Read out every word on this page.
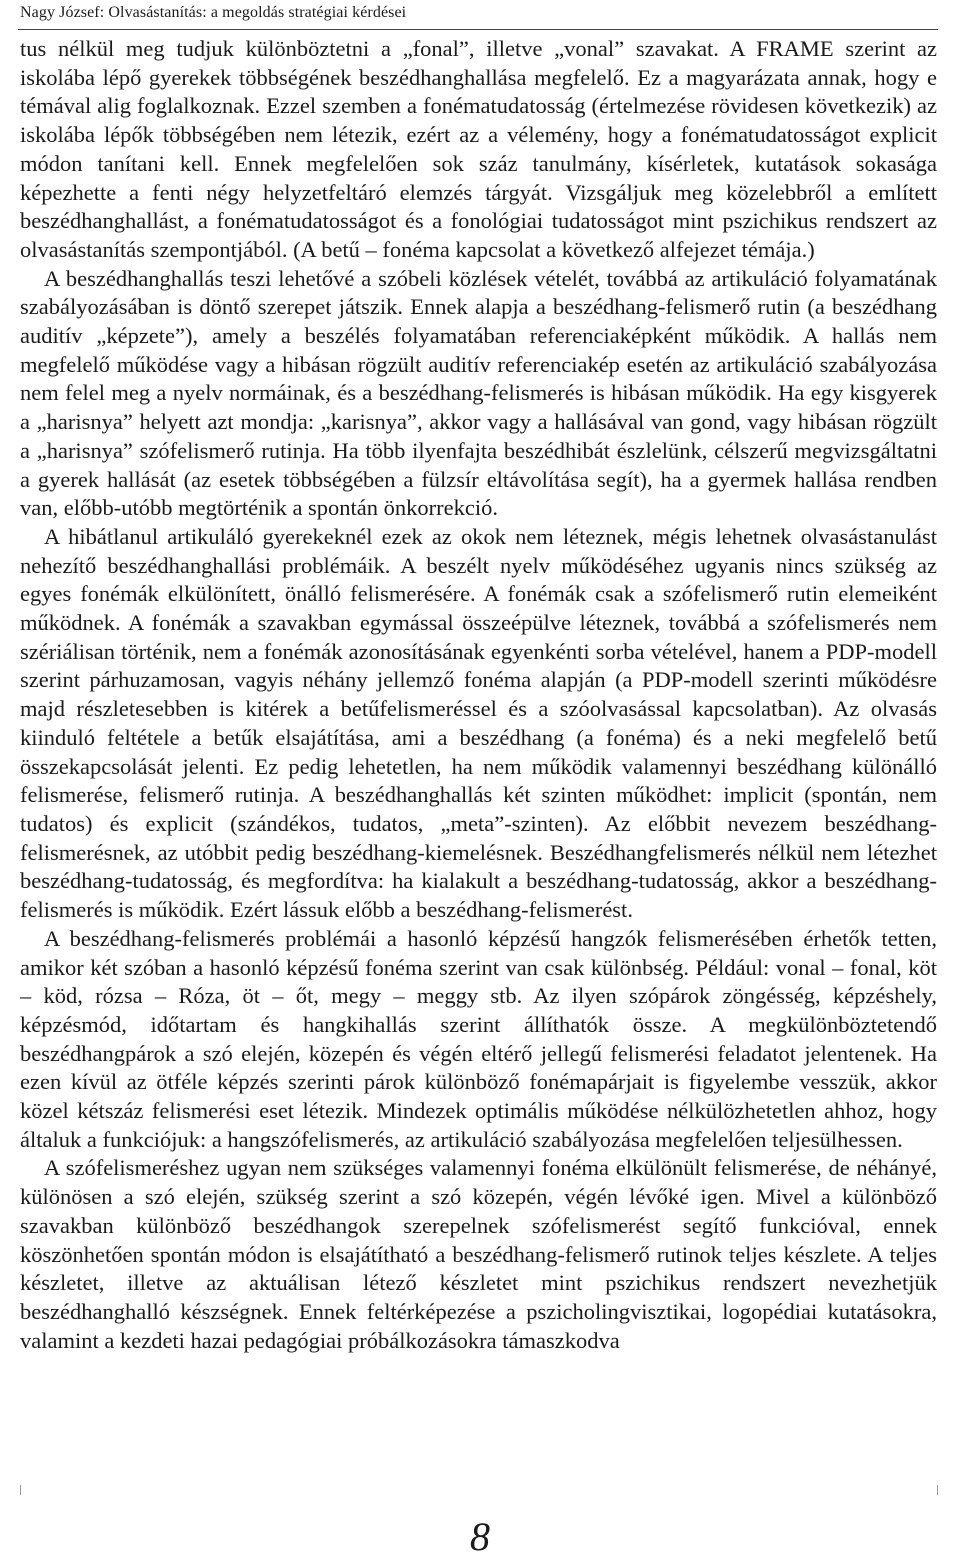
Nagy József: Olvasástanítás: a megoldás stratégiai kérdései

tus nélkül meg tudjuk különböztetni a „fonal”, illetve „vonal” szavakat. A FRAME szerint az iskolába lépő gyerekek többségének beszédhanghallása megfelelő. Ez a magyarázata annak, hogy e témával alig foglalkoznak. Ezzel szemben a fonématudatosság (értelmezése rövidesen következik) az iskolába lépők többségében nem létezik, ezért az a vélemény, hogy a fonématudatosságot explicit módon tanítani kell. Ennek megfelelően sok száz tanulmány, kísérletek, kutatások sokasága képezhette a fenti négy helyzetfeltáró elemzés tárgyát. Vizsgáljuk meg közelebbről a említett beszédhanghallást, a fonématudatosságot és a fonológiai tudatosságot mint pszichikus rendszert az olvasástanítás szempontjából. (A betű – fonéma kapcsolat a következő alfejezet témája.)

A beszédhanghallás teszi lehetővé a szóbeli közlések vételét, továbbá az artikuláció folyamatának szabályozásában is döntő szerepet játszik. Ennek alapja a beszédhang-felismerő rutin (a beszédhang auditív „képzete”), amely a beszélés folyamatában referenciaképként működik. A hallás nem megfelelő működése vagy a hibásan rögzült auditív referenciakép esetén az artikuláció szabályozása nem felel meg a nyelv normáinak, és a beszédhang-felismerés is hibásan működik. Ha egy kisgyerek a „harisnya” helyett azt mondja: „karisnya”, akkor vagy a hallásával van gond, vagy hibásan rögzült a „harisnya” szófelismerő rutinja. Ha több ilyenfajta beszédhibát észlelünk, célszerű megvizsgáltatni a gyerek hallását (az esetek többségében a fülzsír eltávolítása segít), ha a gyermek hallása rendben van, előbb-utóbb megtörténik a spontán önkorrekció.

A hibátlanul artikuláló gyerekeknél ezek az okok nem léteznek, mégis lehetnek olvasástanulást nehezítő beszédhanghallási problémáik. A beszélt nyelv működéséhez ugyanis nincs szükség az egyes fonémák elkülönített, önálló felismerésére. A fonémák csak a szófelismerő rutin elemeiként működnek. A fonémák a szavakban egymással összeépülve léteznek, továbbá a szófelismerés nem szériálisan történik, nem a fonémák azonosításának egyenkénti sorba vételével, hanem a PDP-modell szerint párhuzamosan, vagyis néhány jellemző fonéma alapján (a PDP-modell szerinti működésre majd részletesebben is kitérek a betűfelismeréssel és a szóolvasással kapcsolatban). Az olvasás kiinduló feltétele a betűk elsajátítása, ami a beszédhang (a fonéma) és a neki megfelelő betű összekapcsolását jelenti. Ez pedig lehetetlen, ha nem működik valamennyi beszédhang különálló felismerése, felismerő rutinja. A beszédhanghallás két szinten működhet: implicit (spontán, nem tudatos) és explicit (szándékos, tudatos, „meta”-szinten). Az előbbit nevezem beszédhang-felismerésnek, az utóbbit pedig beszédhang-kiemelésnek. Beszédhangfelismerés nélkül nem létezhet beszédhang-tudatosság, és megfordítva: ha kialakult a beszédhang-tudatosság, akkor a beszédhang-felismerés is működik. Ezért lássuk előbb a beszédhang-felismerést.

A beszédhang-felismerés problémái a hasonló képzésű hangzók felismerésében érhetők tetten, amikor két szóban a hasonló képzésű fonéma szerint van csak különbség. Például: vonal – fonal, köt – köd, rózsa – Róza, öt – őt, megy – meggy stb. Az ilyen szópárok zöngésség, képzéshely, képzésmód, időtartam és hangkihallás szerint állíthatók össze. A megkülönböztetendő beszédhangpárok a szó elején, közepén és végén eltérő jellegű felismerési feladatot jelentenek. Ha ezen kívül az ötféle képzés szerinti párok különböző fonémapárjait is figyelembe vesszük, akkor közel kétszáz felismerési eset létezik. Mindezek optimális működése nélkülözhetetlen ahhoz, hogy általuk a funkciójuk: a hangszófelismerés, az artikuláció szabályozása megfelelően teljesülhessen.

A szófelismeréshez ugyan nem szükséges valamennyi fonéma elkülönült felismerése, de néhányé, különösen a szó elején, szükség szerint a szó közepén, végén lévőké igen. Mivel a különböző szavakban különböző beszédhangok szerepelnek szófelismerést segítő funkcióval, ennek köszönhetően spontán módon is elsajátítható a beszédhang-felismerő rutinok teljes készlete. A teljes készletet, illetve az aktuálisan létező készletet mint pszichikus rendszert nevezhetjük beszédhanghalló készségnek. Ennek feltérképezése a pszicholingvisztikai, logopédiai kutatásokra, valamint a kezdeti hazai pedagógiai próbálkozásokra támaszkodva

8
